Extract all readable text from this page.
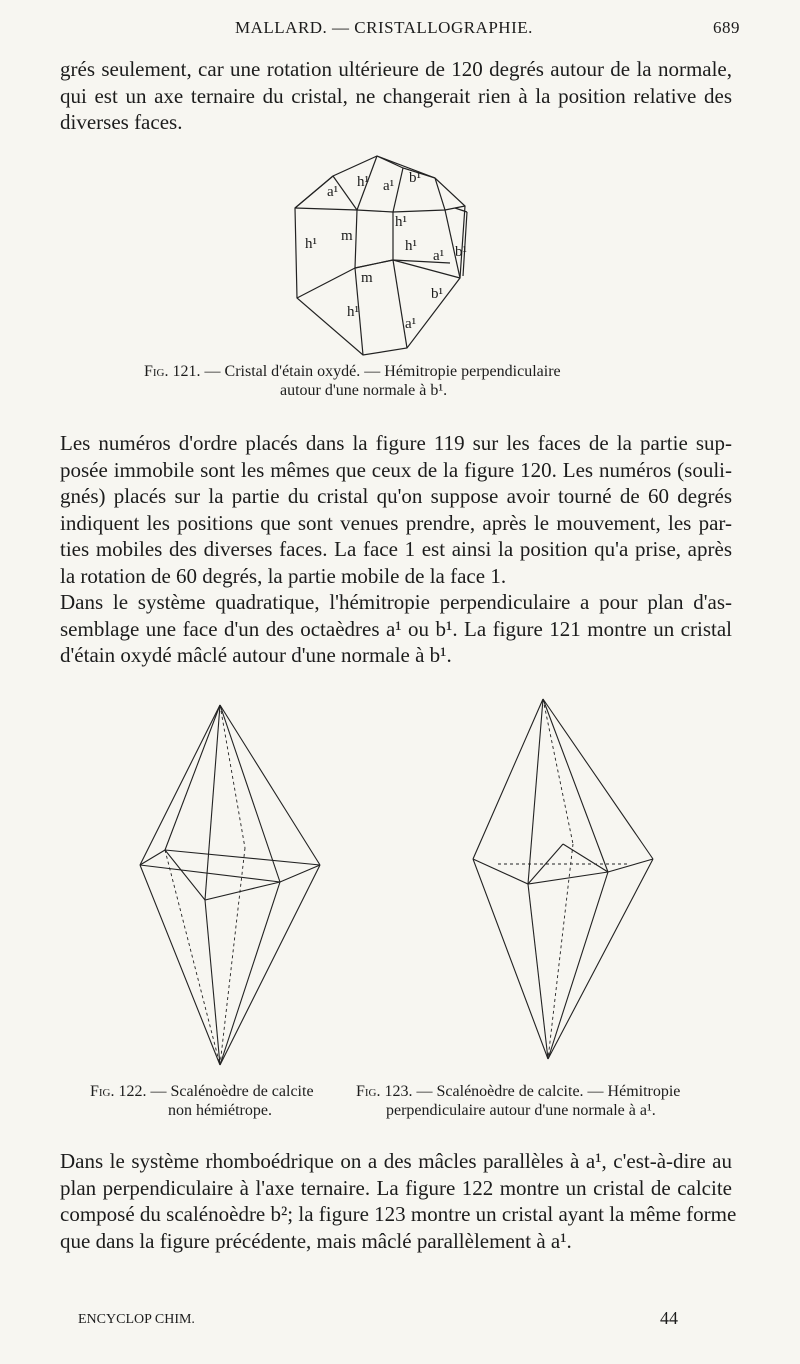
MALLARD. — CRISTALLOGRAPHIE.	689
grés seulement, car une rotation ultérieure de 120 degrés autour de la normale,
qui est un axe ternaire du cristal, ne changerait rien à la position relative des
diverses faces.
a¹
h¹ a¹ b¹
m
h¹
h¹
a¹ b¹
m
h¹
b¹
a¹
h¹
Fig. 121. — Cristal d'étain oxydé. — Hémitropie perpendiculaire
autour d'une normale à b¹.
Les numéros d'ordre placés dans la figure 119 sur les faces de la partie sup-
posée immobile sont les mêmes que ceux de la figure 120. Les numéros (souli-
gnés) placés sur la partie du cristal qu'on suppose avoir tourné de 60 degrés
indiquent les positions que sont venues prendre, après le mouvement, les par-
ties mobiles des diverses faces. La face 1 est ainsi la position qu'a prise, après
la rotation de 60 degrés, la partie mobile de la face 1.
Dans le système quadratique, l'hémitropie perpendiculaire a pour plan d'as-
semblage une face d'un des octaèdres a¹ ou b¹. La figure 121 montre un cristal
d'étain oxydé mâclé autour d'une normale à b¹.
Fig. 122. — Scalénoèdre de calcite
non hémiétrope.
Fig. 123. — Scalénoèdre de calcite. — Hémitropie
perpendiculaire autour d'une normale à a¹.
Dans le système rhomboédrique on a des mâcles parallèles à a¹, c'est-à-dire au
plan perpendiculaire à l'axe ternaire. La figure 122 montre un cristal de calcite
composé du scalénoèdre b²; la figure 123 montre un cristal ayant la même forme
que dans la figure précédente, mais mâclé parallèlement à a¹.
ENCYCLOP CHIM.	44
